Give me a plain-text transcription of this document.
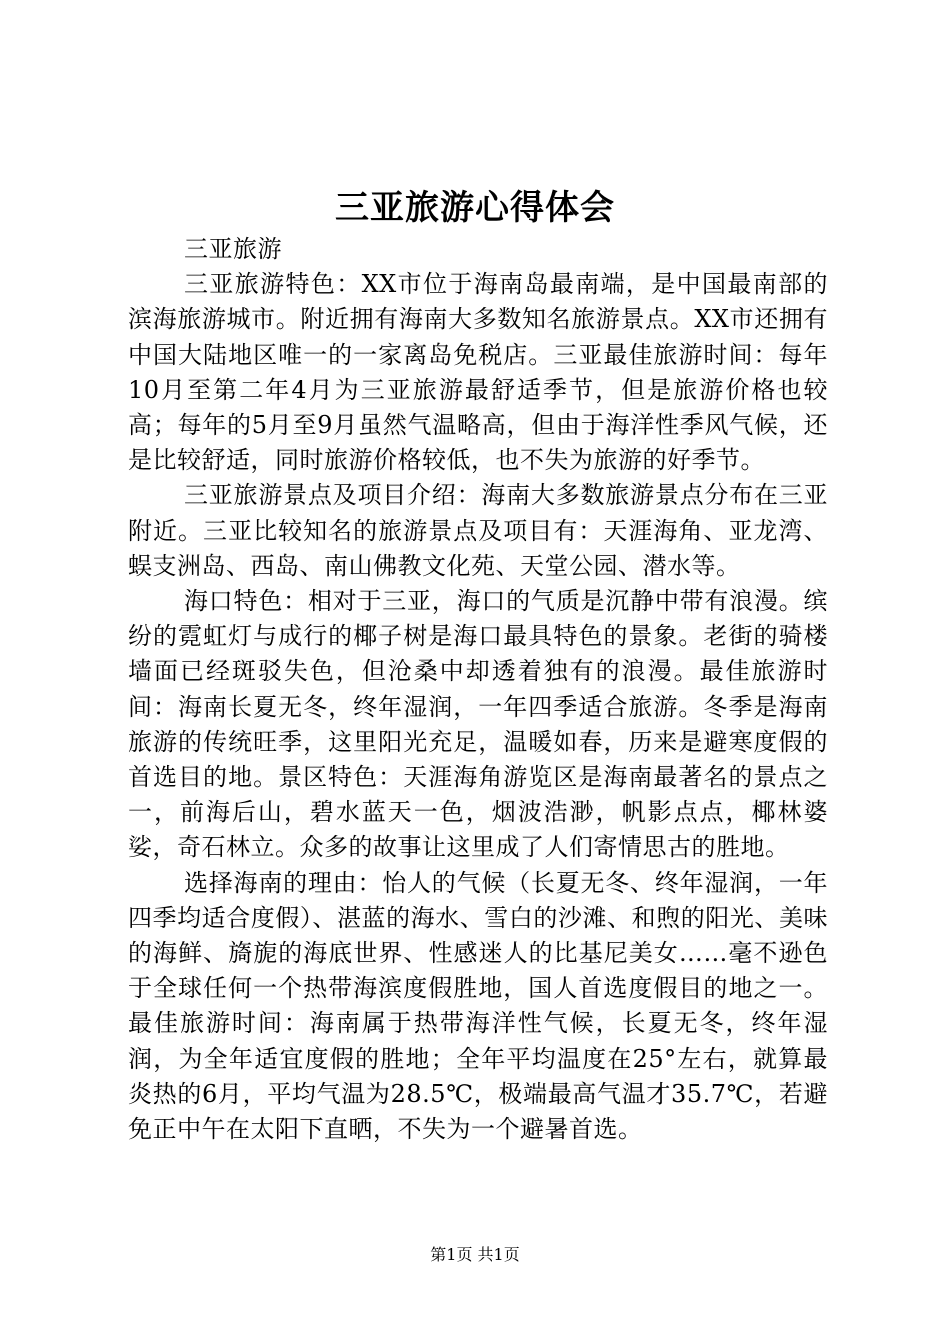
三亚旅游心得体会

三亚旅游

三亚旅游特色：XX市位于海南岛最南端，是中国最南部的滨海旅游城市。附近拥有海南大多数知名旅游景点。XX市还拥有中国大陆地区唯一的一家离岛免税店。三亚最佳旅游时间：每年10月至第二年4月为三亚旅游最舒适季节，但是旅游价格也较高；每年的5月至9月虽然气温略高，但由于海洋性季风气候，还是比较舒适，同时旅游价格较低，也不失为旅游的好季节。

三亚旅游景点及项目介绍：海南大多数旅游景点分布在三亚附近。三亚比较知名的旅游景点及项目有：天涯海角、亚龙湾、蜈支洲岛、西岛、南山佛教文化苑、天堂公园、潜水等。

海口特色：相对于三亚，海口的气质是沉静中带有浪漫。缤纷的霓虹灯与成行的椰子树是海口最具特色的景象。老街的骑楼墙面已经斑驳失色，但沧桑中却透着独有的浪漫。最佳旅游时间：海南长夏无冬，终年湿润，一年四季适合旅游。冬季是海南旅游的传统旺季，这里阳光充足，温暖如春，历来是避寒度假的首选目的地。景区特色：天涯海角游览区是海南最著名的景点之一，前海后山，碧水蓝天一色，烟波浩渺，帆影点点，椰林婆娑，奇石林立。众多的故事让这里成了人们寄情思古的胜地。

选择海南的理由：怡人的气候（长夏无冬、终年湿润，一年四季均适合度假）、湛蓝的海水、雪白的沙滩、和煦的阳光、美味的海鲜、旖旎的海底世界、性感迷人的比基尼美女……毫不逊色于全球任何一个热带海滨度假胜地，国人首选度假目的地之一。最佳旅游时间：海南属于热带海洋性气候，长夏无冬，终年湿润，为全年适宜度假的胜地；全年平均温度在25°左右，就算最炎热的6月，平均气温为28.5℃，极端最高气温才35.7℃，若避免正中午在太阳下直晒，不失为一个避暑首选。

第1页 共1页
